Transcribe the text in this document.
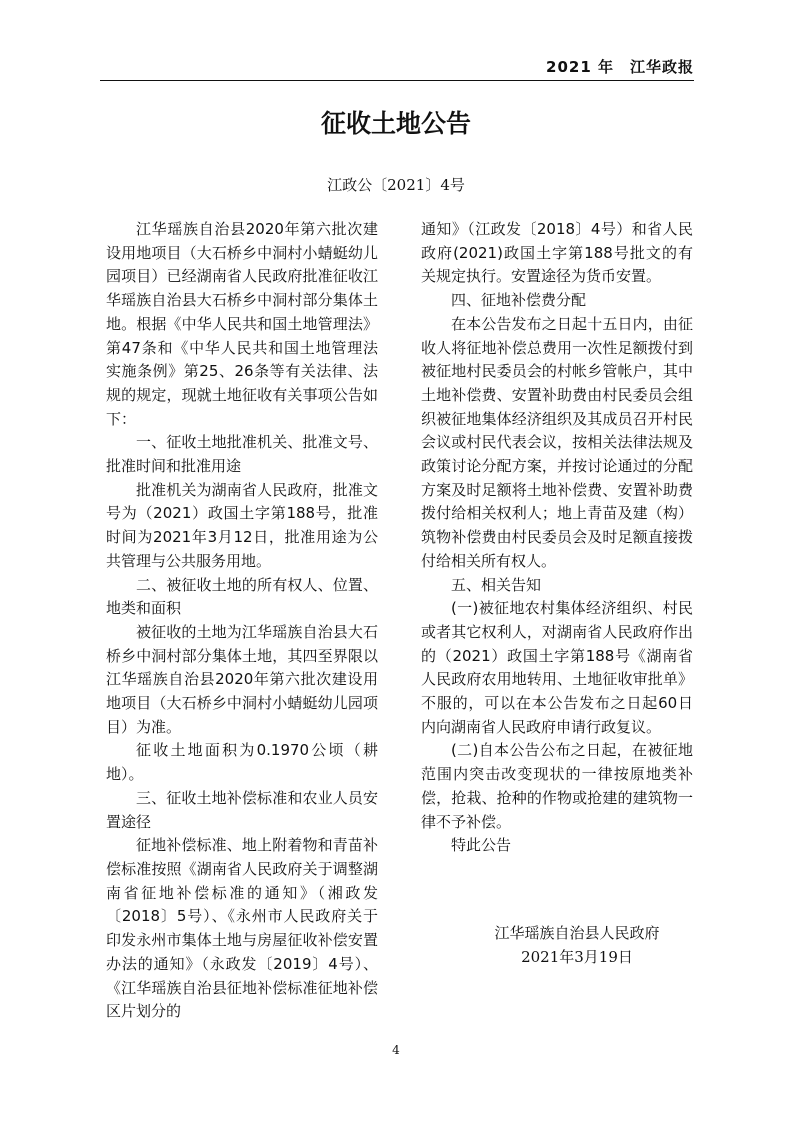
2021 年　江华政报
征收土地公告
江政公〔2021〕4号

江华瑶族自治县2020年第六批次建设用地项目（大石桥乡中洞村小蜻蜓幼儿园项目）已经湖南省人民政府批准征收江华瑶族自治县大石桥乡中洞村部分集体土地。根据《中华人民共和国土地管理法》第47条和《中华人民共和国土地管理法实施条例》第25、26条等有关法律、法规的规定，现就土地征收有关事项公告如下：

一、征收土地批准机关、批准文号、批准时间和批准用途

批准机关为湖南省人民政府，批准文号为（2021）政国土字第188号，批准时间为2021年3月12日，批准用途为公共管理与公共服务用地。

二、被征收土地的所有权人、位置、地类和面积

被征收的土地为江华瑶族自治县大石桥乡中洞村部分集体土地，其四至界限以江华瑶族自治县2020年第六批次建设用地项目（大石桥乡中洞村小蜻蜓幼儿园项目）为准。

征收土地面积为0.1970公顷（耕地）。

三、征收土地补偿标准和农业人员安置途径

征地补偿标准、地上附着物和青苗补偿标准按照《湖南省人民政府关于调整湖南省征地补偿标准的通知》（湘政发〔2018〕5号）、《永州市人民政府关于印发永州市集体土地与房屋征收补偿安置办法的通知》（永政发〔2019〕4号）、《江华瑶族自治县征地补偿标准征地补偿区片划分的

通知》（江政发〔2018〕4号）和省人民政府(2021)政国土字第188号批文的有关规定执行。安置途径为货币安置。

四、征地补偿费分配

在本公告发布之日起十五日内，由征收人将征地补偿总费用一次性足额拨付到被征地村民委员会的村帐乡管帐户，其中土地补偿费、安置补助费由村民委员会组织被征地集体经济组织及其成员召开村民会议或村民代表会议，按相关法律法规及政策讨论分配方案，并按讨论通过的分配方案及时足额将土地补偿费、安置补助费拨付给相关权利人；地上青苗及建（构）筑物补偿费由村民委员会及时足额直接拨付给相关所有权人。

五、相关告知

(一)被征地农村集体经济组织、村民或者其它权利人，对湖南省人民政府作出的（2021）政国土字第188号《湖南省人民政府农用地转用、土地征收审批单》不服的，可以在本公告发布之日起60日内向湖南省人民政府申请行政复议。

(二)自本公告公布之日起，在被征地范围内突击改变现状的一律按原地类补偿，抢栽、抢种的作物或抢建的建筑物一律不予补偿。

特此公告

江华瑶族自治县人民政府
2021年3月19日
4
